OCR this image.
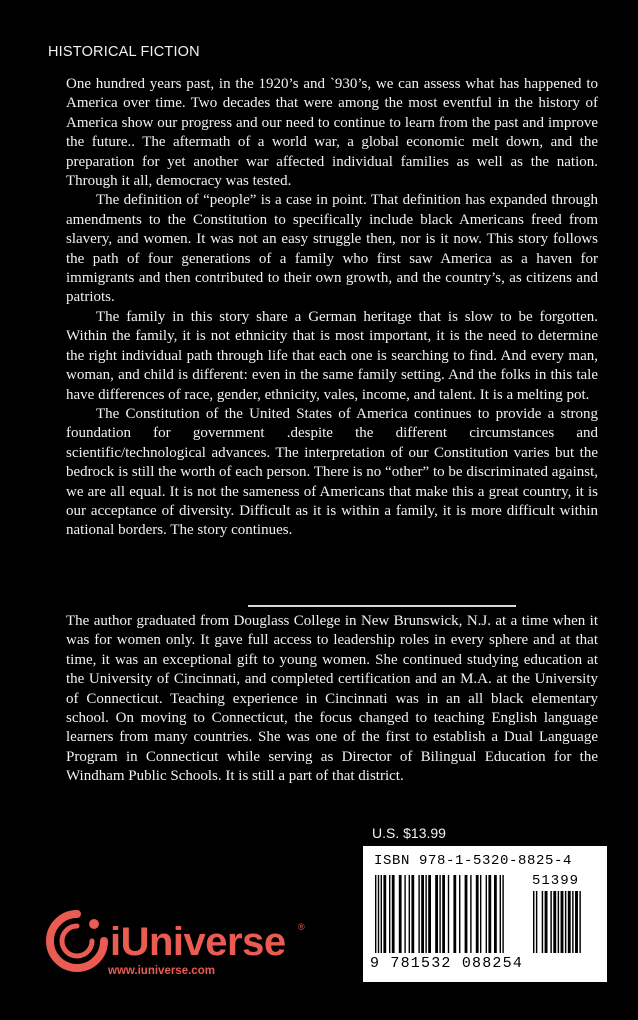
HISTORICAL FICTION

One hundred years past, in the 1920’s and `930’s, we can assess what has happened to America over time. Two decades that were among the most eventful in the history of America show our progress and our need to continue to learn from the past and improve the future.. The aftermath of a world war, a global economic melt down, and the preparation for yet another war affected individual families as well as the nation. Through it all, democracy was tested.

The definition of “people” is a case in point. That definition has expanded through amendments to the Constitution to specifically include black Americans freed from slavery, and women. It was not an easy struggle then, nor is it now. This story follows the path of four generations of a family who first saw America as a haven for immigrants and then contributed to their own growth, and the country’s, as citizens and patriots.

The family in this story share a German heritage that is slow to be forgotten. Within the family, it is not ethnicity that is most important, it is the need to determine the right individual path through life that each one is searching to find. And every man, woman, and child is different: even in the same family setting. And the folks in this tale have differences of race, gender, ethnicity, vales, income, and talent. It is a melting pot.

The Constitution of the United States of America continues to provide a strong foundation for government .despite the different circumstances and scientific/technological advances. The interpretation of our Constitution varies but the bedrock is still the worth of each person. There is no “other” to be discriminated against, we are all equal. It is not the sameness of Americans that make this a great country, it is our acceptance of diversity. Difficult as it is within a family, it is more difficult within national borders. The story continues.

The author graduated from Douglass College in New Brunswick, N.J. at a time when it was for women only. It gave full access to leadership roles in every sphere and at that time, it was an exceptional gift to young women. She continued studying education at the University of Cincinnati, and completed certification and an M.A. at the University of Connecticut. Teaching experience in Cincinnati was in an all black elementary school. On moving to Connecticut, the focus changed to teaching English language learners from many countries. She was one of the first to establish a Dual Language Program in Connecticut while serving as Director of Bilingual Education for the Windham Public Schools. It is still a part of that district.

U.S. $13.99
ISBN 978-1-5320-8825-4
51399
9 781532 088254
iUniverse ®
www.iuniverse.com
